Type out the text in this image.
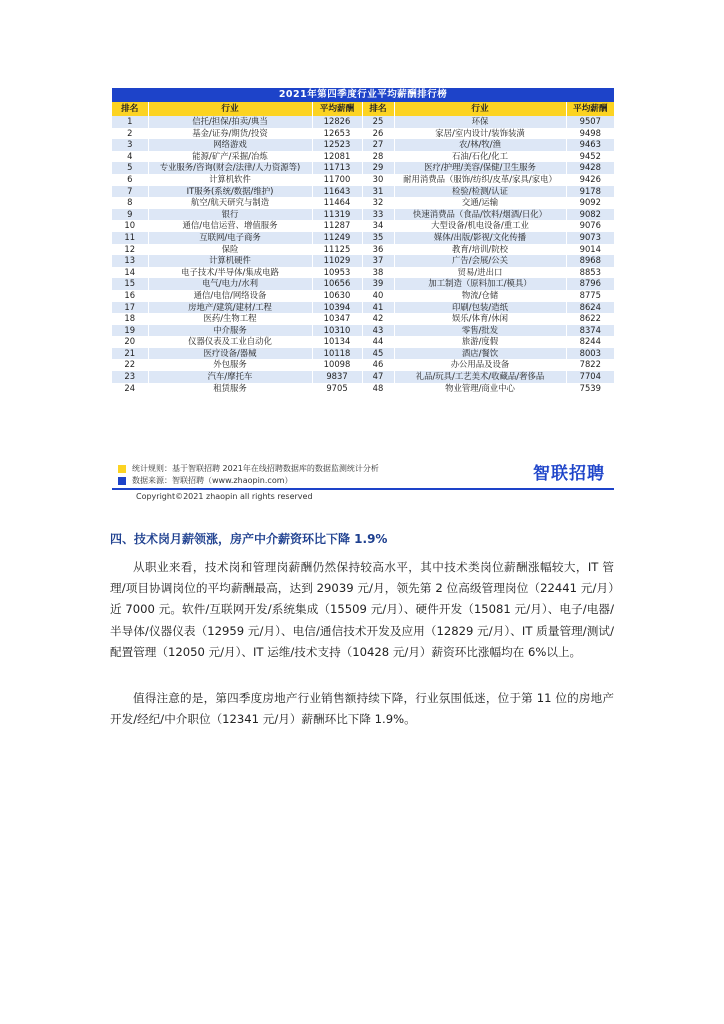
2021年第四季度行业平均薪酬排行榜					
排名	行业	平均薪酬	排名	行业	平均薪酬
1	信托/担保/拍卖/典当	12826	25	环保	9507
2	基金/证券/期货/投资	12653	26	家居/室内设计/装饰装潢	9498
3	网络游戏	12523	27	农/林/牧/渔	9463
4	能源/矿产/采掘/冶炼	12081	28	石油/石化/化工	9452
5	专业服务/咨询(财会/法律/人力资源等)	11713	29	医疗/护理/美容/保健/卫生服务	9428
6	计算机软件	11700	30	耐用消费品（服饰/纺织/皮革/家具/家电）	9426
7	IT服务(系统/数据/维护)	11643	31	检验/检测/认证	9178
8	航空/航天研究与制造	11464	32	交通/运输	9092
9	银行	11319	33	快速消费品（食品/饮料/烟酒/日化）	9082
10	通信/电信运营、增值服务	11287	34	大型设备/机电设备/重工业	9076
11	互联网/电子商务	11249	35	媒体/出版/影视/文化传播	9073
12	保险	11125	36	教育/培训/院校	9014
13	计算机硬件	11029	37	广告/会展/公关	8968
14	电子技术/半导体/集成电路	10953	38	贸易/进出口	8853
15	电气/电力/水利	10656	39	加工制造（原料加工/模具）	8796
16	通信/电信/网络设备	10630	40	物流/仓储	8775
17	房地产/建筑/建材/工程	10394	41	印刷/包装/造纸	8624
18	医药/生物工程	10347	42	娱乐/体育/休闲	8622
19	中介服务	10310	43	零售/批发	8374
20	仪器仪表及工业自动化	10134	44	旅游/度假	8244
21	医疗设备/器械	10118	45	酒店/餐饮	8003
22	外包服务	10098	46	办公用品及设备	7822
23	汽车/摩托车	9837	47	礼品/玩具/工艺美术/收藏品/奢侈品	7704
24	租赁服务	9705	48	物业管理/商业中心	7539
统计规则：基于智联招聘 2021年在线招聘数据库的数据监测统计分析
数据来源：智联招聘（www.zhaopin.com）	智联招聘
Copyright©2021 zhaopin all rights reserved
四、技术岗月薪领涨，房产中介薪资环比下降 1.9%

从职业来看，技术岗和管理岗薪酬仍然保持较高水平，其中技术类岗位薪酬涨幅较大，IT 管理/项目协调岗位的平均薪酬最高，达到 29039 元/月，领先第 2 位高级管理岗位（22441 元/月）近 7000 元。软件/互联网开发/系统集成（15509 元/月）、硬件开发（15081 元/月）、电子/电器/半导体/仪器仪表（12959 元/月）、电信/通信技术开发及应用（12829 元/月）、IT 质量管理/测试/配置管理（12050 元/月）、IT 运维/技术支持（10428 元/月）薪资环比涨幅均在 6%以上。

值得注意的是，第四季度房地产行业销售额持续下降，行业氛围低迷，位于第 11 位的房地产开发/经纪/中介职位（12341 元/月）薪酬环比下降 1.9%。
